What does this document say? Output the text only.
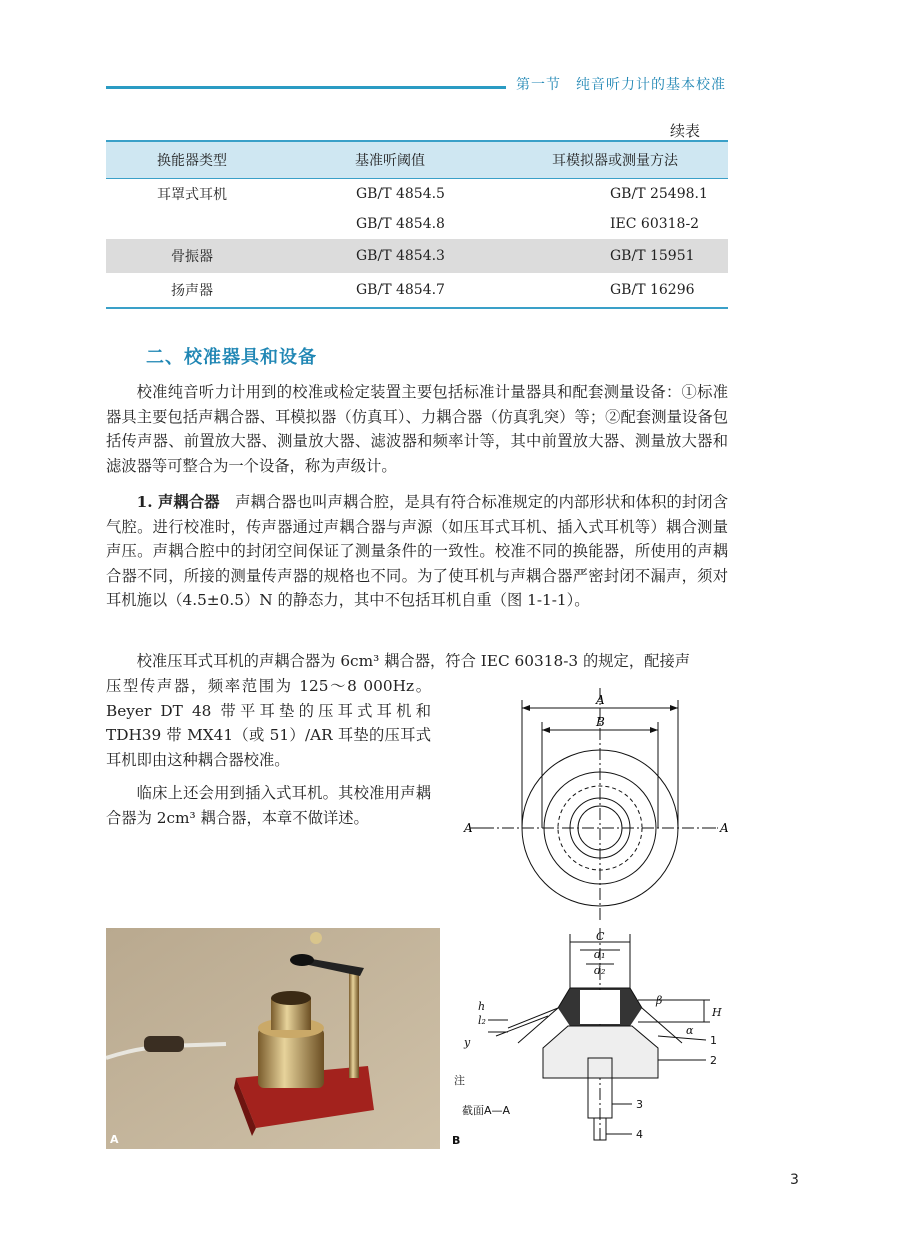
第一节　纯音听力计的基本校准
续表
换能器类型	基准听阈值	耳模拟器或测量方法
耳罩式耳机	GB/T 4854.5	GB/T 25498.1
	GB/T 4854.8	IEC 60318-2
骨振器	GB/T 4854.3	GB/T 15951
扬声器	GB/T 4854.7	GB/T 16296
二、校准器具和设备
校准纯音听力计用到的校准或检定装置主要包括标准计量器具和配套测量设备：①标准器具主要包括声耦合器、耳模拟器（仿真耳）、力耦合器（仿真乳突）等；②配套测量设备包括传声器、前置放大器、测量放大器、滤波器和频率计等，其中前置放大器、测量放大器和滤波器等可整合为一个设备，称为声级计。
1. 声耦合器　 声耦合器也叫声耦合腔，是具有符合标准规定的内部形状和体积的封闭含气腔。进行校准时，传声器通过声耦合器与声源（如压耳式耳机、插入式耳机等）耦合测量声压。声耦合腔中的封闭空间保证了测量条件的一致性。校准不同的换能器，所使用的声耦合器不同，所接的测量传声器的规格也不同。为了使耳机与声耦合器严密封闭不漏声，须对耳机施以（4.5±0.5）N 的静态力，其中不包括耳机自重（图 1-1-1）。
校准压耳式耳机的声耦合器为 6cm³ 耦合器，符合 IEC 60318-3 的规定，配接声
压型传声器，频率范围为 125～8 000Hz。Beyer DT 48 带平耳垫的压耳式耳机和 TDH39 带 MX41（或 51）/AR 耳垫的压耳式耳机即由这种耦合器校准。
临床上还会用到插入式耳机。其校准用声耦合器为 2cm³ 耦合器，本章不做详述。
A
B
A	A
A
C
d₁
d₂
h
l₂
y
H
β
α
1
2
3
4
注
截面A—A
B
3
